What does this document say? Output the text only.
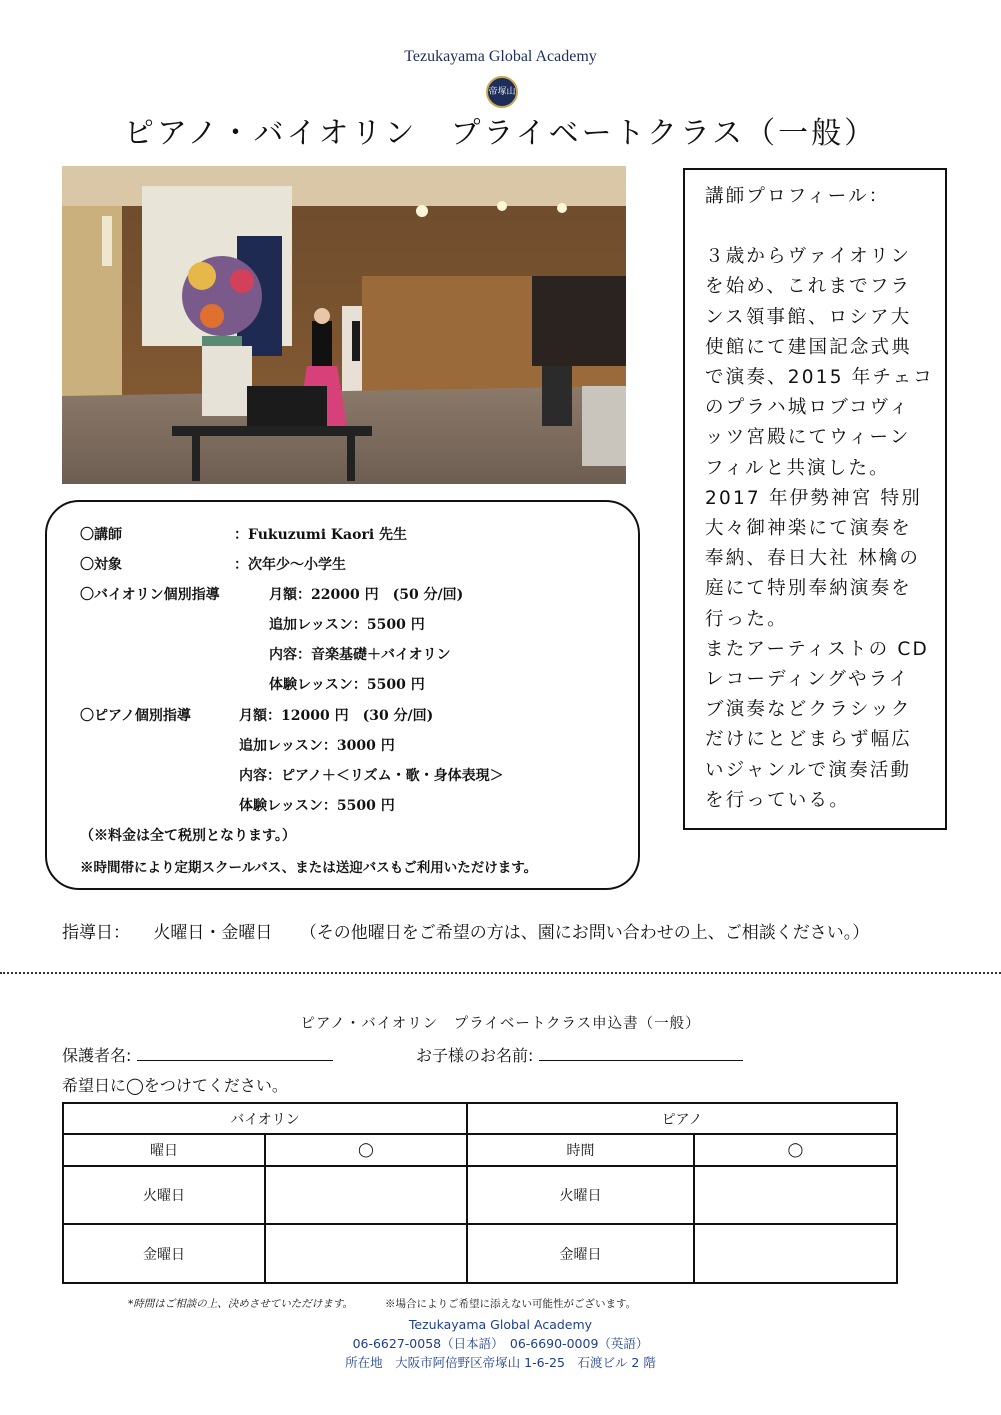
Tezukayama Global Academy
帝塚山
ピアノ・バイオリン　プライベートクラス（一般）
講師プロフィール：
３歳からヴァイオリン
を始め、これまでフラ
ンス領事館、ロシア大
使館にて建国記念式典
で演奏、2015 年チェコ
のプラハ城ロブコヴィ
ッツ宮殿にてウィーン
フィルと共演した。
2017 年伊勢神宮 特別
大々御神楽にて演奏を
奉納、春日大社 林檎の
庭にて特別奉納演奏を
行った。
またアーティストの CD
レコーディングやライ
ブ演奏などクラシック
だけにとどまらず幅広
いジャンルで演奏活動
を行っている。
〇講師	：Fukuzumi Kaori 先生
〇対象	：次年少～小学生
〇バイオリン個別指導	月額：22000 円　(50 分/回)
追加レッスン：5500 円
内容：音楽基礎＋バイオリン
体験レッスン：5500 円
〇ピアノ個別指導	月額：12000 円　(30 分/回)
追加レッスン：3000 円
内容：ピアノ＋＜リズム・歌・身体表現＞
体験レッスン：5500 円
（※料金は全て税別となります。）
※時間帯により定期スクールバス、または送迎バスもご利用いただけます。
指導日： 火曜日・金曜日 （その他曜日をご希望の方は、園にお問い合わせの上、ご相談ください。）
ピアノ・バイオリン　プライベートクラス申込書（一般）
保護者名:	お子様のお名前:
希望日に◯をつけてください。
バイオリン		ピアノ	
曜日	◯	時間	◯
火曜日		火曜日	
金曜日		金曜日	
*時間はご相談の上、決めさせていただけます。	※場合によりご希望に添えない可能性がございます。
Tezukayama Global Academy
06-6627-0058（日本語）　06-6690-0009（英語）
所在地　大阪市阿倍野区帝塚山 1-6-25　石渡ビル 2 階
